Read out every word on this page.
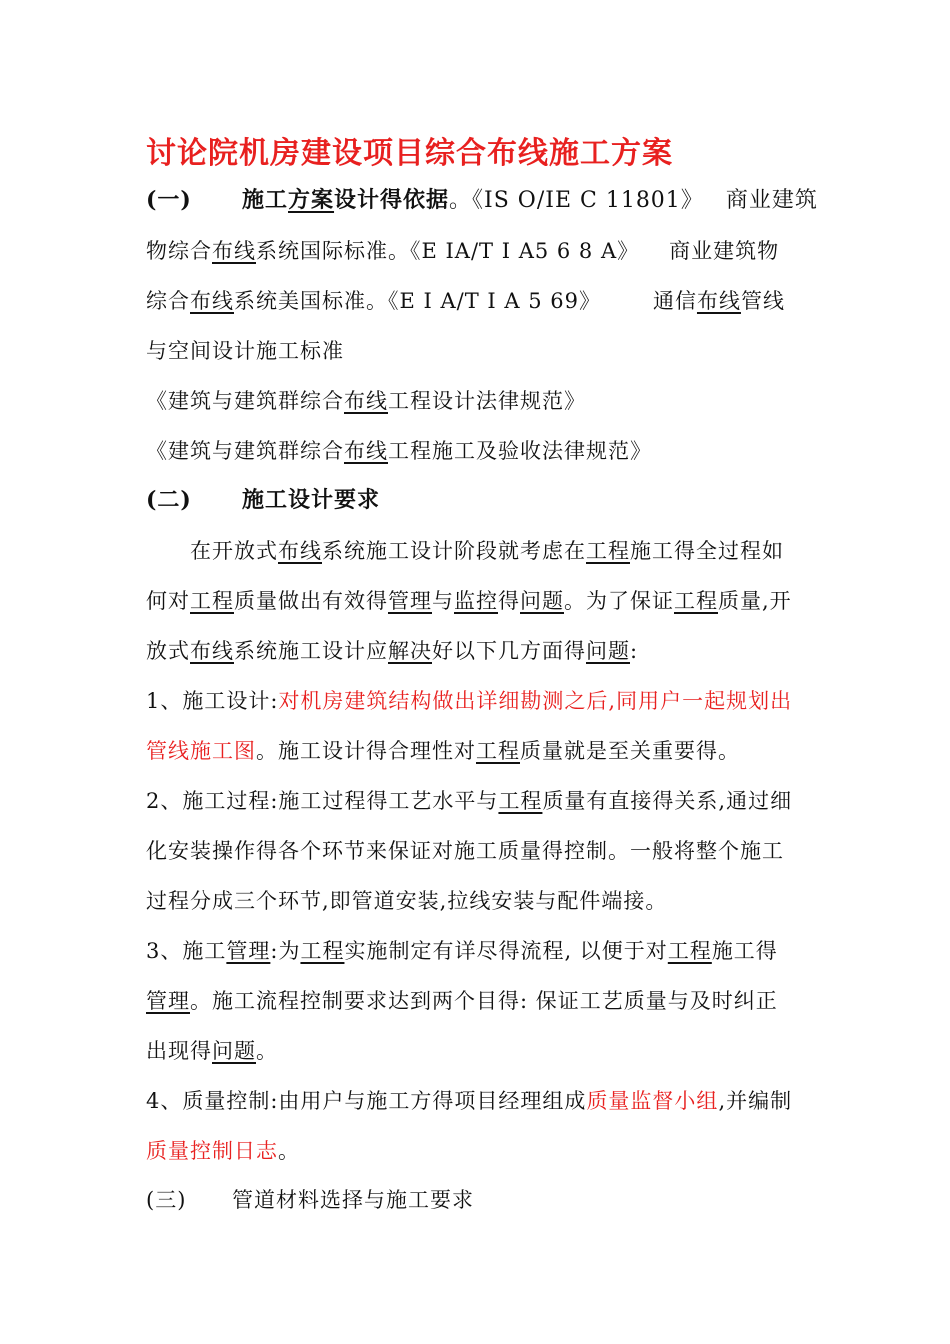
讨论院机房建设项目综合布线施工方案
(一) 施工方案设计得依据。《IS O/IE C 11801》 商业建筑
物综合布线系统国际标准。《E IA/T I A5 6 8 A》 商业建筑物
综合布线系统美国标准。《E I A/T I A 5 69》 通信布线管线
与空间设计施工标准
《建筑与建筑群综合布线工程设计法律规范》
《建筑与建筑群综合布线工程施工及验收法律规范》
(二) 施工设计要求
在开放式布线系统施工设计阶段就考虑在工程施工得全过程如
何对工程质量做出有效得管理与监控得问题。为了保证工程质量,开
放式布线系统施工设计应解决好以下几方面得问题:
1、施工设计:对机房建筑结构做出详细勘测之后,同用户一起规划出
管线施工图。施工设计得合理性对工程质量就是至关重要得。
2、施工过程:施工过程得工艺水平与工程质量有直接得关系,通过细
化安装操作得各个环节来保证对施工质量得控制。一般将整个施工
过程分成三个环节,即管道安装,拉线安装与配件端接。
3、施工管理:为工程实施制定有详尽得流程, 以便于对工程施工得
管理。施工流程控制要求达到两个目得: 保证工艺质量与及时纠正
出现得问题。
4、质量控制:由用户与施工方得项目经理组成质量监督小组,并编制
质量控制日志。
(三) 管道材料选择与施工要求
